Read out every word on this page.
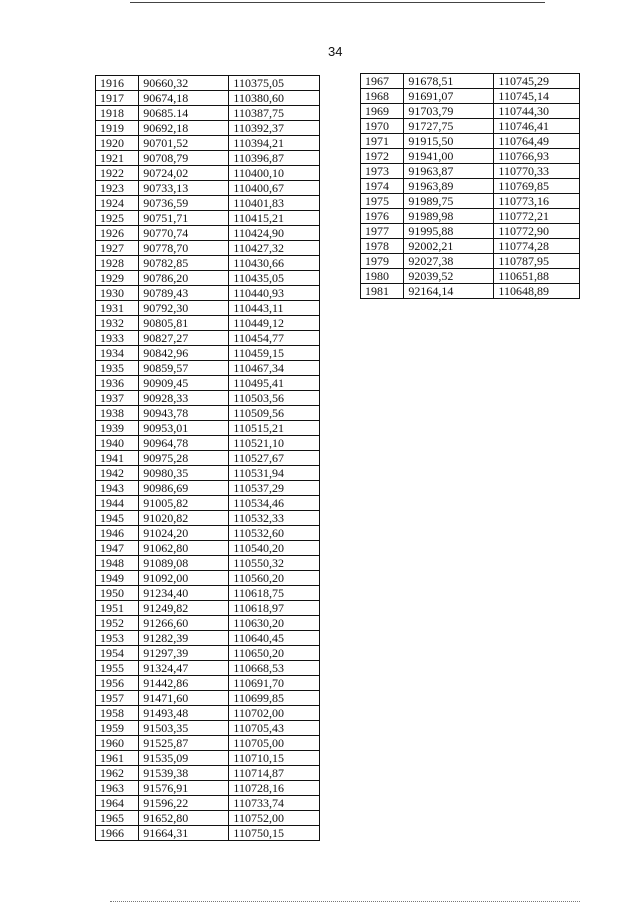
34
1916	90660,32	110375,05
1917	90674,18	110380,60
1918	90685.14	110387,75
1919	90692,18	110392,37
1920	90701,52	110394,21
1921	90708,79	110396,87
1922	90724,02	110400,10
1923	90733,13	110400,67
1924	90736,59	110401,83
1925	90751,71	110415,21
1926	90770,74	110424,90
1927	90778,70	110427,32
1928	90782,85	110430,66
1929	90786,20	110435,05
1930	90789,43	110440,93
1931	90792,30	110443,11
1932	90805,81	110449,12
1933	90827,27	110454,77
1934	90842,96	110459,15
1935	90859,57	110467,34
1936	90909,45	110495,41
1937	90928,33	110503,56
1938	90943,78	110509,56
1939	90953,01	110515,21
1940	90964,78	110521,10
1941	90975,28	110527,67
1942	90980,35	110531,94
1943	90986,69	110537,29
1944	91005,82	110534,46
1945	91020,82	110532,33
1946	91024,20	110532,60
1947	91062,80	110540,20
1948	91089,08	110550,32
1949	91092,00	110560,20
1950	91234,40	110618,75
1951	91249,82	110618,97
1952	91266,60	110630,20
1953	91282,39	110640,45
1954	91297,39	110650,20
1955	91324,47	110668,53
1956	91442,86	110691,70
1957	91471,60	110699,85
1958	91493,48	110702,00
1959	91503,35	110705,43
1960	91525,87	110705,00
1961	91535,09	110710,15
1962	91539,38	110714,87
1963	91576,91	110728,16
1964	91596,22	110733,74
1965	91652,80	110752,00
1966	91664,31	110750,15
1967	91678,51	110745,29
1968	91691,07	110745,14
1969	91703,79	110744,30
1970	91727,75	110746,41
1971	91915,50	110764,49
1972	91941,00	110766,93
1973	91963,87	110770,33
1974	91963,89	110769,85
1975	91989,75	110773,16
1976	91989,98	110772,21
1977	91995,88	110772,90
1978	92002,21	110774,28
1979	92027,38	110787,95
1980	92039,52	110651,88
1981	92164,14	110648,89
